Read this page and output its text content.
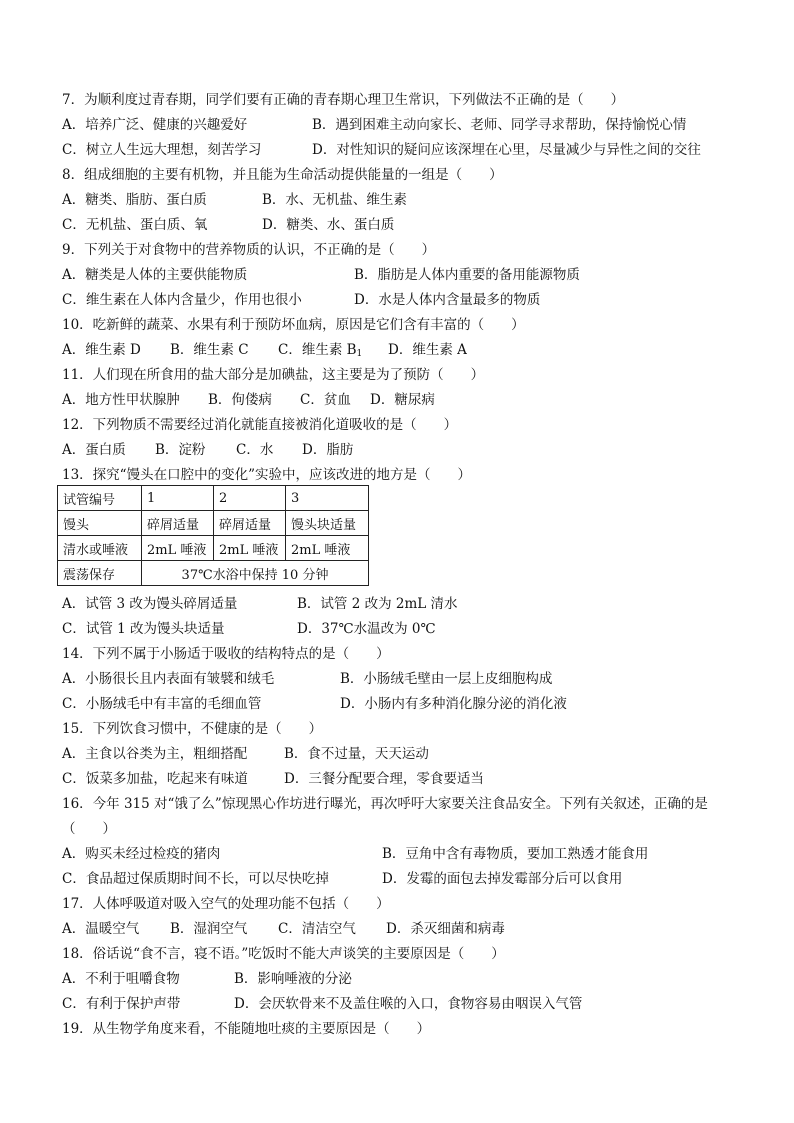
7．为顺利度过青春期，同学们要有正确的青春期心理卫生常识，下列做法不正确的是（　　）
A．培养广泛、健康的兴趣爱好	B．遇到困难主动向家长、老师、同学寻求帮助，保持愉悦心情
C．树立人生远大理想，刻苦学习	D．对性知识的疑问应该深埋在心里，尽量减少与异性之间的交往
8．组成细胞的主要有机物，并且能为生命活动提供能量的一组是（　　）
A．糖类、脂肪、蛋白质	B．水、无机盐、维生素
C．无机盐、蛋白质、氧	D．糖类、水、蛋白质
9．下列关于对食物中的营养物质的认识，不正确的是（　　）
A．糖类是人体的主要供能物质	B．脂肪是人体内重要的备用能源物质
C．维生素在人体内含量少，作用也很小	D．水是人体内含量最多的物质
10．吃新鲜的蔬菜、水果有利于预防坏血病，原因是它们含有丰富的（　　）
A．维生素 D B．维生素 C C．维生素 $B_1$ D．维生素 A
11．人们现在所食用的盐大部分是加碘盐，这主要是为了预防（　　）
A．地方性甲状腺肿 B．佝偻病 C．贫血 D．糖尿病
12．下列物质不需要经过消化就能直接被消化道吸收的是（　　）
A．蛋白质 B．淀粉 C．水 D．脂肪
13．探究“馒头在口腔中的变化”实验中，应该改进的地方是（　　）
试管编号	1	2	3
馒头	碎屑适量	碎屑适量	馒头块适量
清水或唾液	2mL 唾液	2mL 唾液	2mL 唾液
震荡保存	37℃水浴中保持 10 分钟		
A．试管 3 改为馒头碎屑适量	B．试管 2 改为 2mL 清水
C．试管 1 改为馒头块适量	D．37℃水温改为 0℃
14．下列不属于小肠适于吸收的结构特点的是（　　）
A．小肠很长且内表面有皱襞和绒毛	B．小肠绒毛壁由一层上皮细胞构成
C．小肠绒毛中有丰富的毛细血管	D．小肠内有多种消化腺分泌的消化液
15．下列饮食习惯中，不健康的是（　　）
A．主食以谷类为主，粗细搭配	B．食不过量，天天运动
C．饭菜多加盐，吃起来有味道	D．三餐分配要合理，零食要适当
16．今年 315 对“饿了么”惊现黑心作坊进行曝光，再次呼吁大家要关注食品安全。下列有关叙述，正确的是
（　　）
A．购买未经过检疫的猪肉	B．豆角中含有毒物质，要加工熟透才能食用
C．食品超过保质期时间不长，可以尽快吃掉	D．发霉的面包去掉发霉部分后可以食用
17．人体呼吸道对吸入空气的处理功能不包括（　　）
A．温暖空气 B．湿润空气 C．清洁空气 D．杀灭细菌和病毒
18．俗话说“食不言，寝不语。”吃饭时不能大声谈笑的主要原因是（　　）
A．不利于咀嚼食物	B．影响唾液的分泌
C．有利于保护声带	D．会厌软骨来不及盖住喉的入口，食物容易由咽误入气管
19．从生物学角度来看，不能随地吐痰的主要原因是（　　）
